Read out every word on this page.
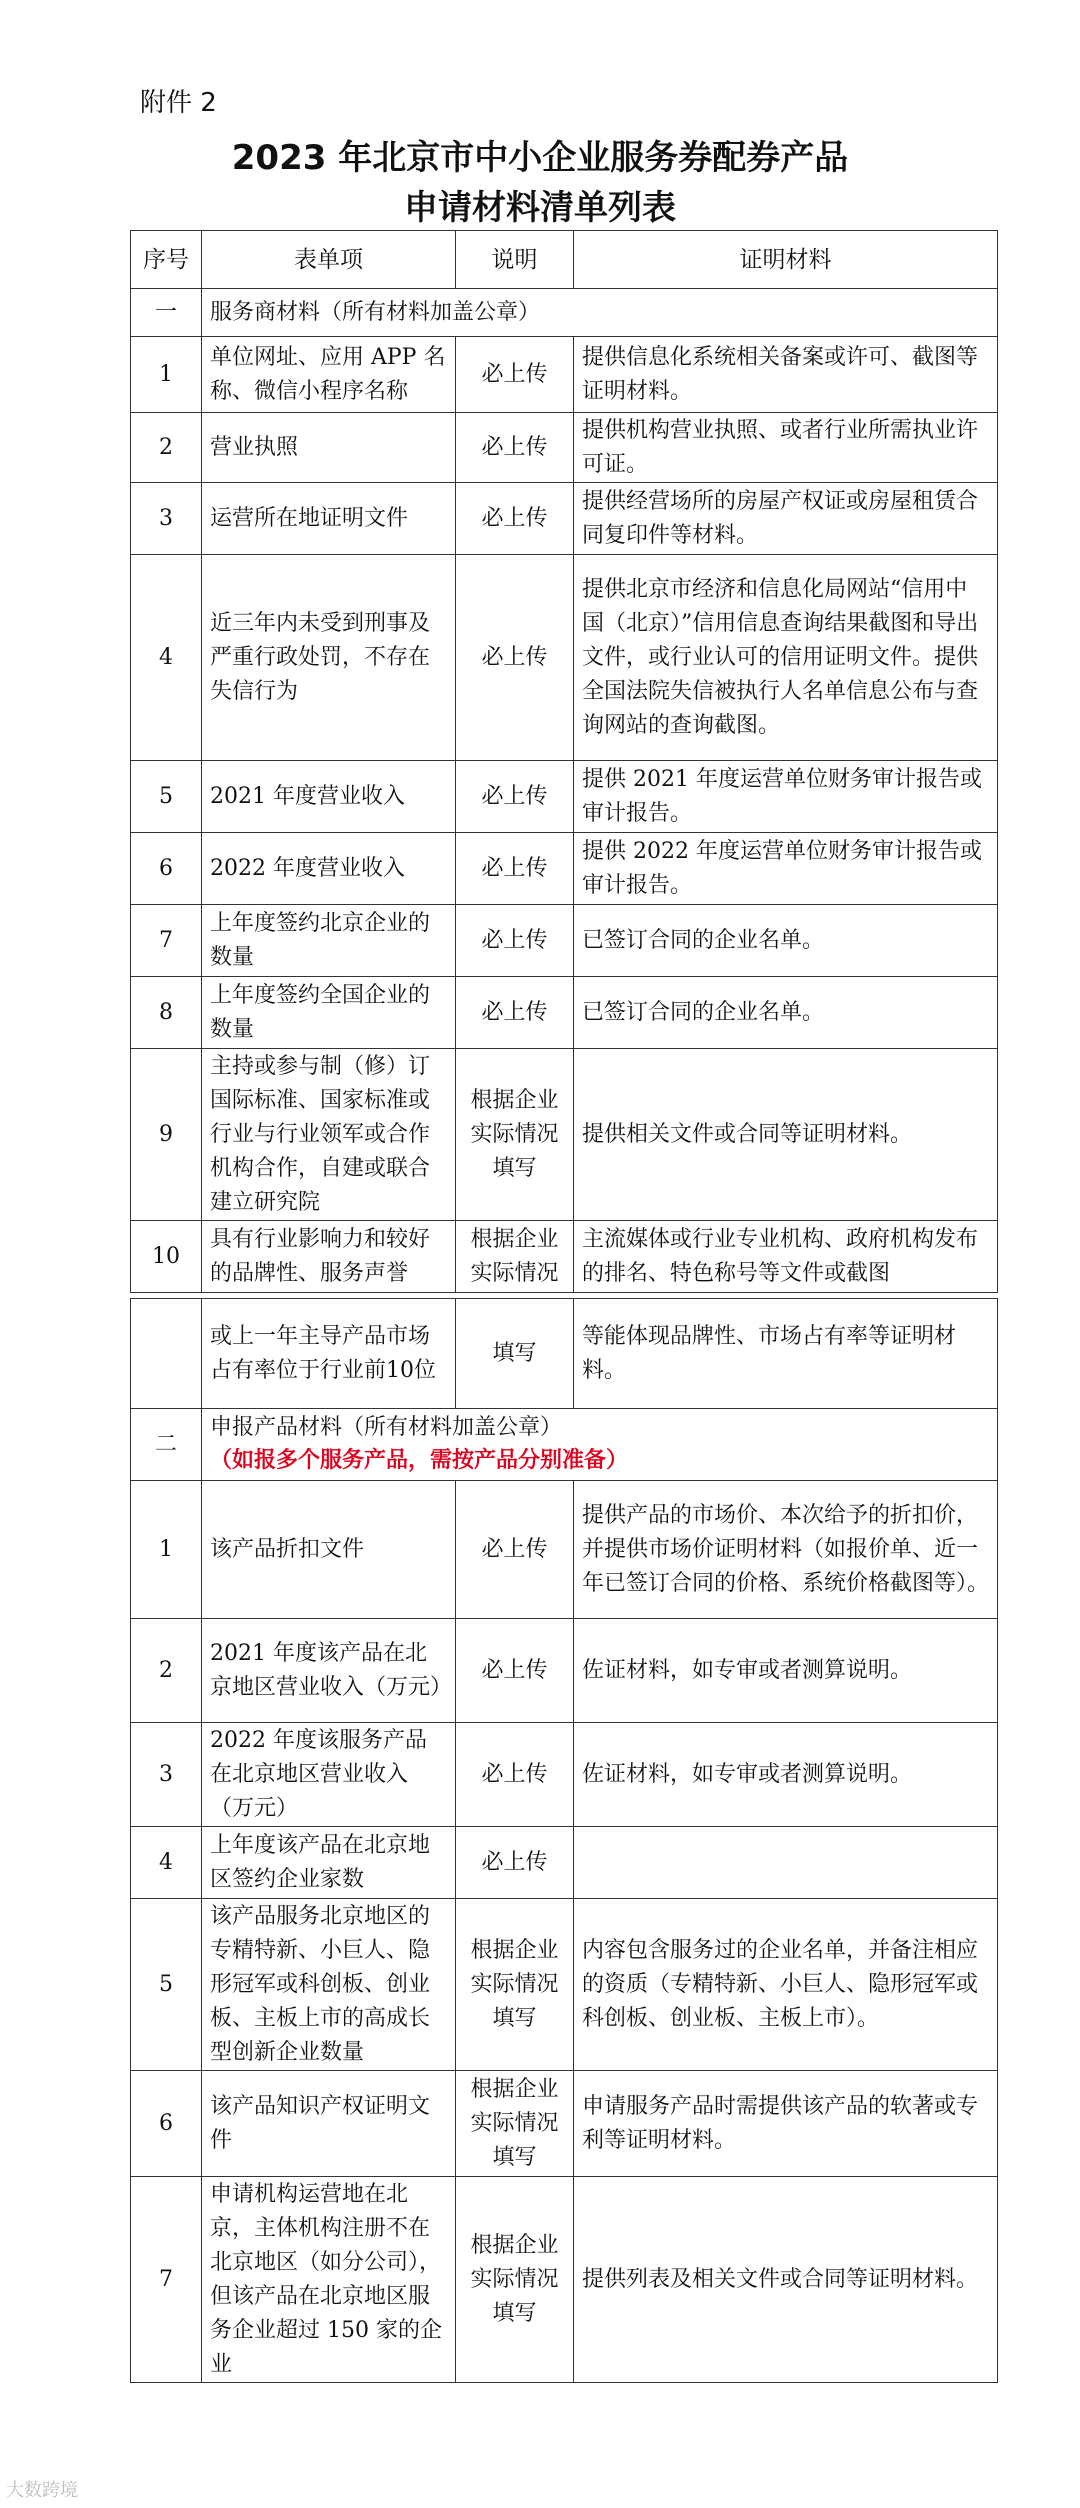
附件 2
2023 年北京市中小企业服务券配券产品
申请材料清单列表
序号	表单项	说明	证明材料
一	服务商材料（所有材料加盖公章）		
1	单位网址、应用 APP 名称、微信小程序名称	必上传	提供信息化系统相关备案或许可、截图等证明材料。
2	营业执照	必上传	提供机构营业执照、或者行业所需执业许可证。
3	运营所在地证明文件	必上传	提供经营场所的房屋产权证或房屋租赁合同复印件等材料。
4	近三年内未受到刑事及严重行政处罚，不存在失信行为	必上传	提供北京市经济和信息化局网站“信用中国（北京）”信用信息查询结果截图和导出文件，或行业认可的信用证明文件。提供全国法院失信被执行人名单信息公布与查询网站的查询截图。
5	2021 年度营业收入	必上传	提供 2021 年度运营单位财务审计报告或审计报告。
6	2022 年度营业收入	必上传	提供 2022 年度运营单位财务审计报告或审计报告。
7	上年度签约北京企业的数量	必上传	已签订合同的企业名单。
8	上年度签约全国企业的数量	必上传	已签订合同的企业名单。
9	主持或参与制（修）订国际标准、国家标准或行业与行业领军或合作机构合作，自建或联合建立研究院	根据企业实际情况填写	提供相关文件或合同等证明材料。
10	具有行业影响力和较好的品牌性、服务声誉	根据企业实际情况	主流媒体或行业专业机构、政府机构发布的排名、特色称号等文件或截图
	或上一年主导产品市场占有率位于行业前10位	填写	等能体现品牌性、市场占有率等证明材料。
二	申报产品材料（所有材料加盖公章）
（如报多个服务产品，需按产品分别准备）		
1	该产品折扣文件	必上传	提供产品的市场价、本次给予的折扣价，并提供市场价证明材料（如报价单、近一年已签订合同的价格、系统价格截图等）。
2	2021 年度该产品在北京地区营业收入（万元）	必上传	佐证材料，如专审或者测算说明。
3	2022 年度该服务产品在北京地区营业收入（万元）	必上传	佐证材料，如专审或者测算说明。
4	上年度该产品在北京地区签约企业家数	必上传	
5	该产品服务北京地区的专精特新、小巨人、隐形冠军或科创板、创业板、主板上市的高成长型创新企业数量	根据企业实际情况填写	内容包含服务过的企业名单，并备注相应的资质（专精特新、小巨人、隐形冠军或科创板、创业板、主板上市）。
6	该产品知识产权证明文件	根据企业实际情况填写	申请服务产品时需提供该产品的软著或专利等证明材料。
7	申请机构运营地在北京，主体机构注册不在北京地区（如分公司），但该产品在北京地区服务企业超过 150 家的企业	根据企业实际情况填写	提供列表及相关文件或合同等证明材料。
大数跨境
